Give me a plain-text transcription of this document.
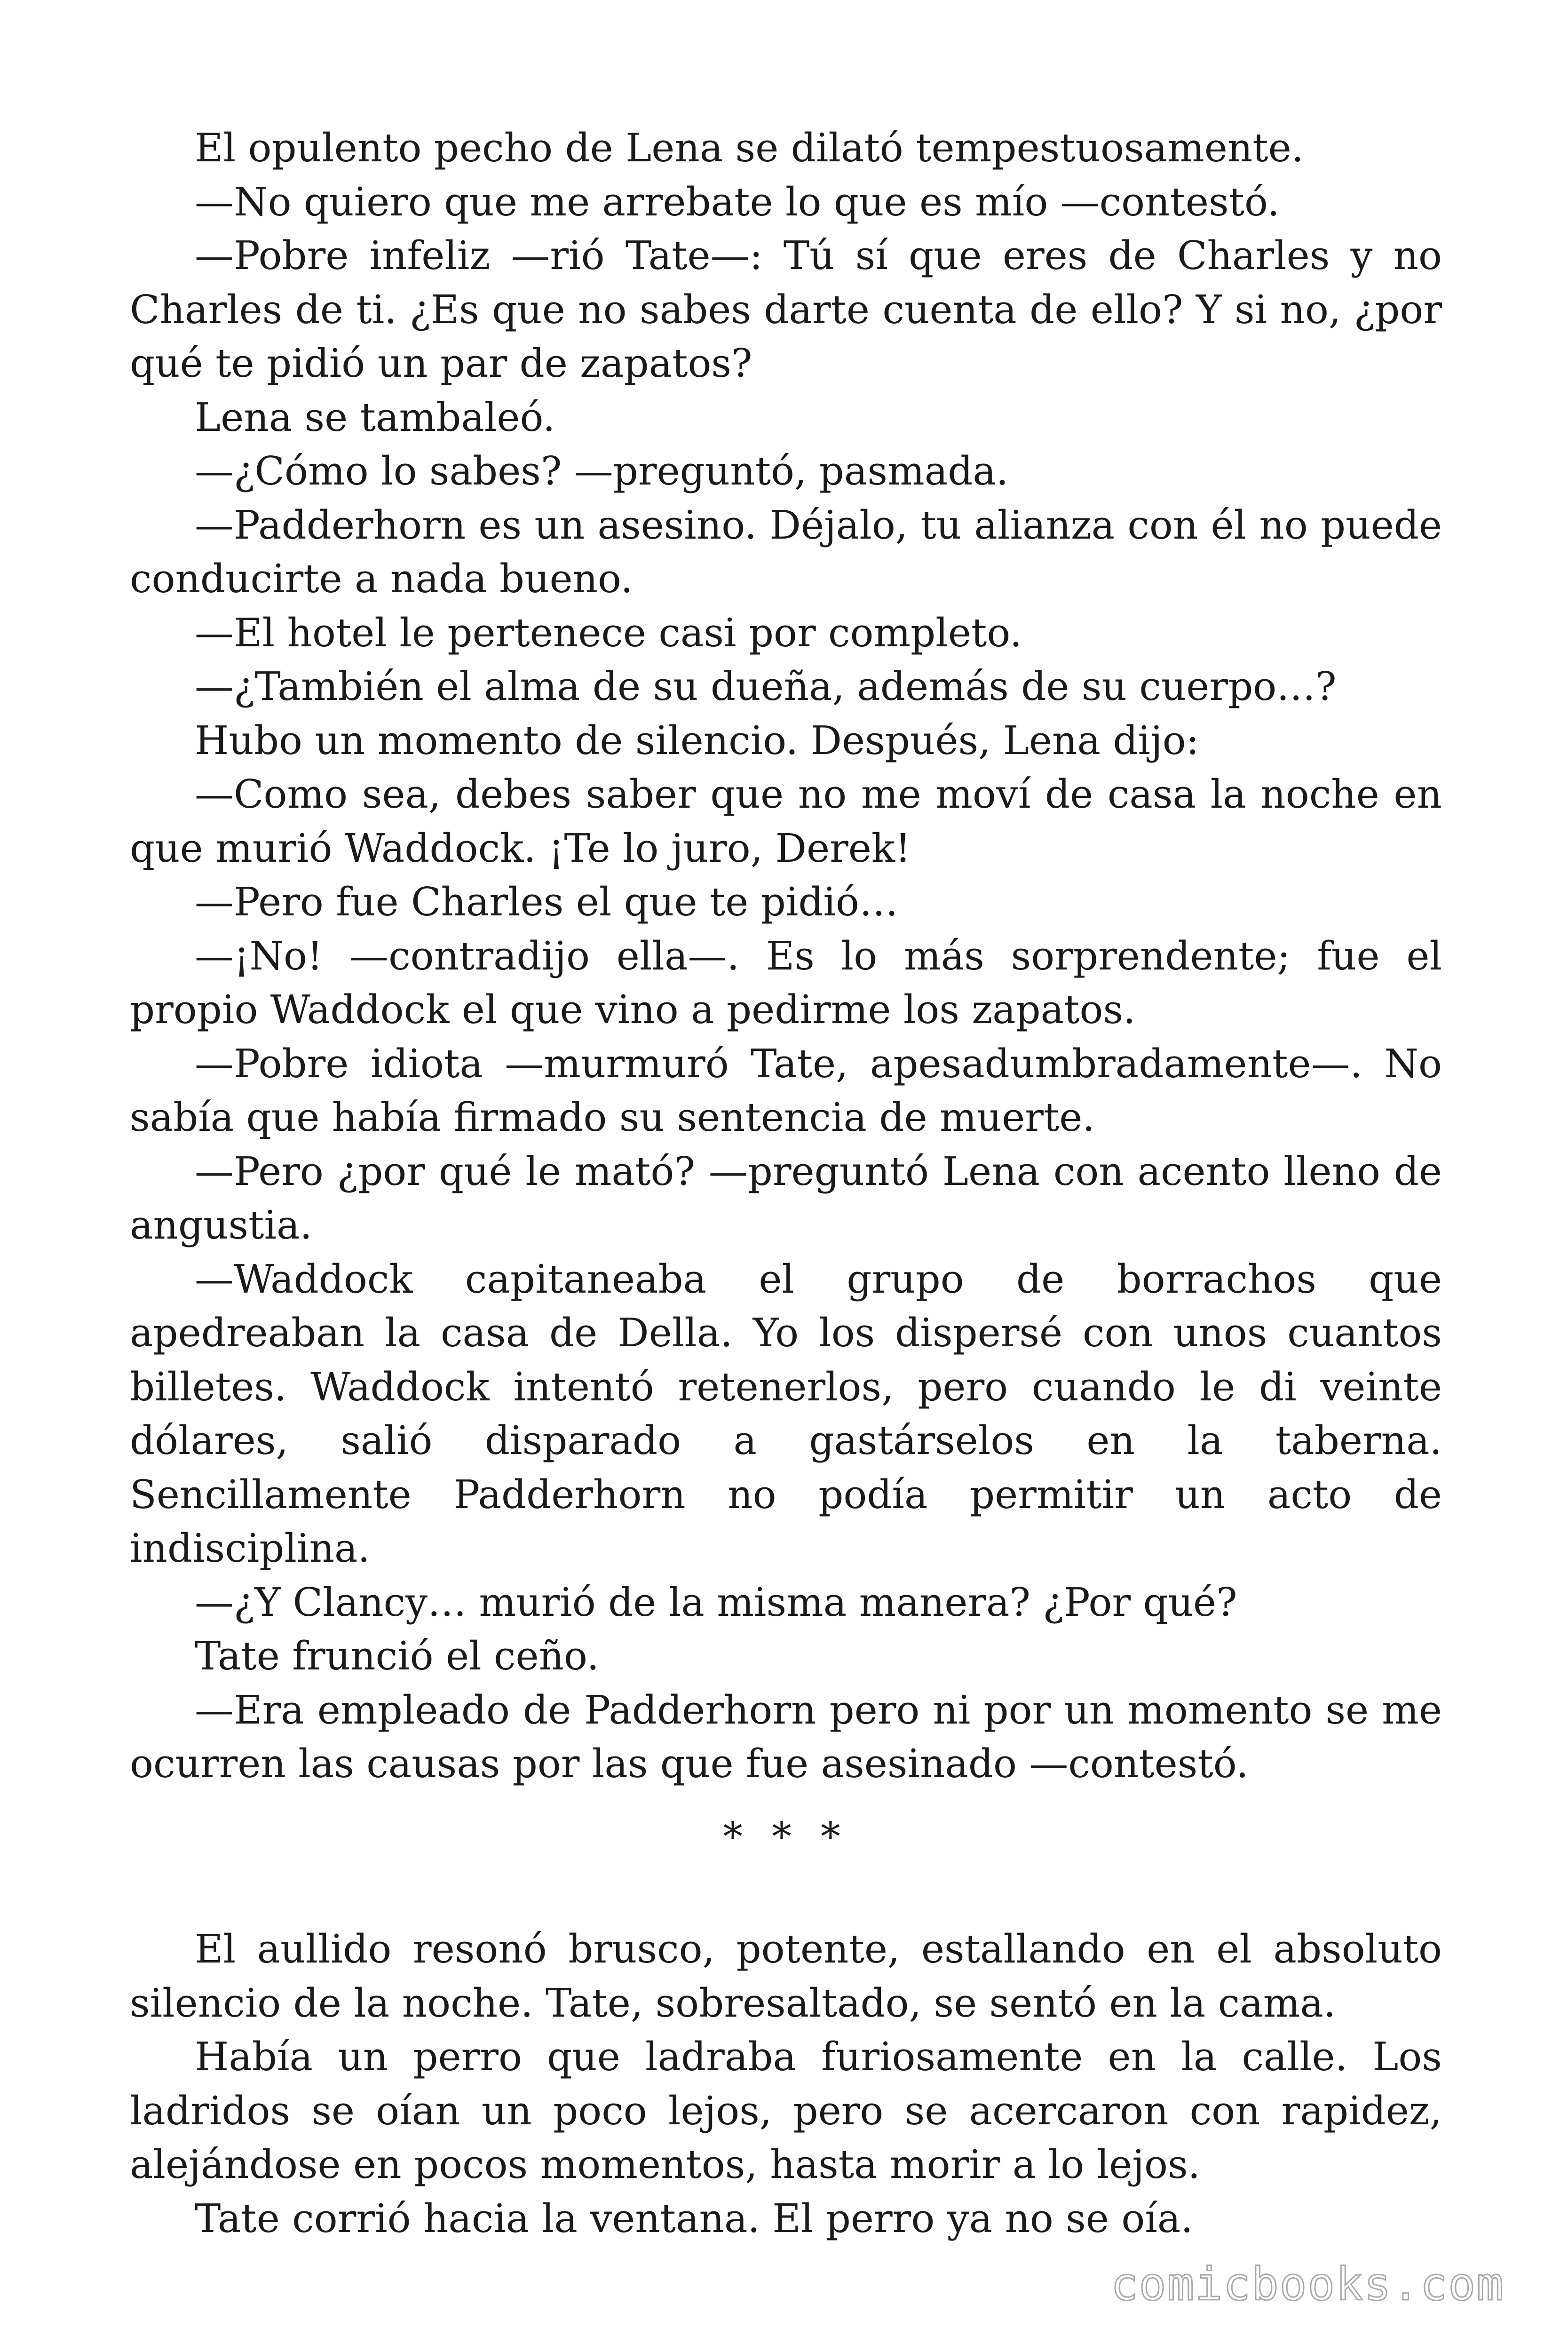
El opulento pecho de Lena se dilató tempestuosamente.

—No quiero que me arrebate lo que es mío —contestó.

—Pobre infeliz —rió Tate—: Tú sí que eres de Charles y no Charles de ti. ¿Es que no sabes darte cuenta de ello? Y si no, ¿por qué te pidió un par de zapatos?

Lena se tambaleó.

—¿Cómo lo sabes? —preguntó, pasmada.

—Padderhorn es un asesino. Déjalo, tu alianza con él no puede conducirte a nada bueno.

—El hotel le pertenece casi por completo.

—¿También el alma de su dueña, además de su cuerpo…?

Hubo un momento de silencio. Después, Lena dijo:

—Como sea, debes saber que no me moví de casa la noche en que murió Waddock. ¡Te lo juro, Derek!

—Pero fue Charles el que te pidió…

—¡No! —contradijo ella—. Es lo más sorprendente; fue el propio Waddock el que vino a pedirme los zapatos.

—Pobre idiota —murmuró Tate, apesadumbradamente—. No sabía que había firmado su sentencia de muerte.

—Pero ¿por qué le mató? —preguntó Lena con acento lleno de angustia.

—Waddock capitaneaba el grupo de borrachos que apedreaban la casa de Della. Yo los dispersé con unos cuantos billetes. Waddock intentó retenerlos, pero cuando le di veinte dólares, salió disparado a gastárselos en la taberna. Sencillamente Padderhorn no podía permitir un acto de indisciplina.

—¿Y Clancy… murió de la misma manera? ¿Por qué?

Tate frunció el ceño.

—Era empleado de Padderhorn pero ni por un momento se me ocurren las causas por las que fue asesinado —contestó.

* * *

El aullido resonó brusco, potente, estallando en el absoluto silencio de la noche. Tate, sobresaltado, se sentó en la cama.

Había un perro que ladraba furiosamente en la calle. Los ladridos se oían un poco lejos, pero se acercaron con rapidez, alejándose en pocos momentos, hasta morir a lo lejos.

Tate corrió hacia la ventana. El perro ya no se oía.

comicbooks.com
